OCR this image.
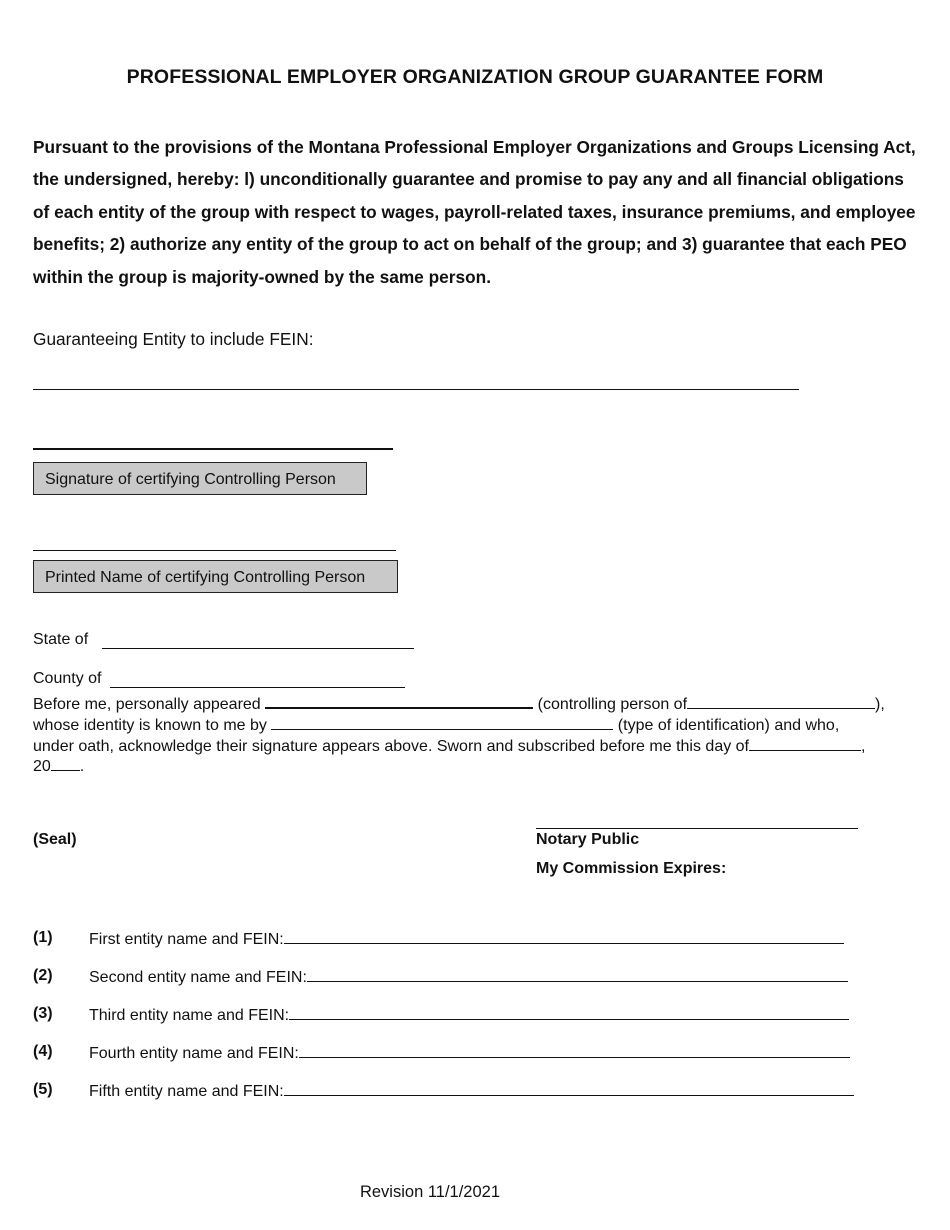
PROFESSIONAL EMPLOYER ORGANIZATION GROUP GUARANTEE FORM
Pursuant to the provisions of the Montana Professional Employer Organizations and Groups Licensing Act, the undersigned, hereby: l) unconditionally guarantee and promise to pay any and all financial obligations of each entity of the group with respect to wages, payroll-related taxes, insurance premiums, and employee benefits; 2) authorize any entity of the group to act on behalf of the group; and 3) guarantee that each PEO within the group is majority-owned by the same person.
Guaranteeing Entity to include FEIN:
Signature of certifying Controlling Person
Printed Name of certifying Controlling Person
State of
County of
Before me, personally appeared	(controlling person of	),
whose identity is known to me by	(type of identification) and who,
under oath, acknowledge their signature appears above. Sworn and subscribed before me this day of	,
20 .
(Seal)	Notary Public
My Commission Expires:
(1) First entity name and FEIN:
(2) Second entity name and FEIN:
(3) Third entity name and FEIN:
(4) Fourth entity name and FEIN:
(5) Fifth entity name and FEIN:
Revision 11/1/2021
